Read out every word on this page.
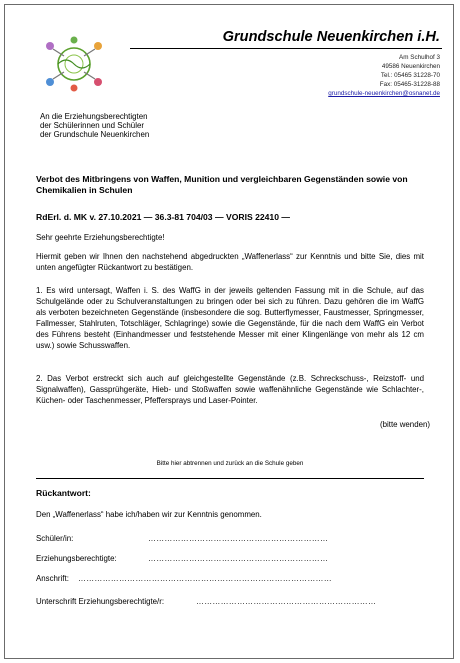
Grundschule Neuenkirchen i.H.
Am Schulhof 3
49586 Neuenkirchen
Tel.: 05465 31228-70
Fax: 05465-31228-88
grundschule-neuenkirchen@osnanet.de
An die Erziehungsberechtigten
der Schülerinnen und Schüler
der Grundschule Neuenkirchen
Verbot des Mitbringens von Waffen, Munition und vergleichbaren Gegenständen sowie von Chemikalien in Schulen
RdErl. d. MK v. 27.10.2021 — 36.3-81 704/03 — VORIS 22410 —
Sehr geehrte Erziehungsberechtigte!
Hiermit geben wir Ihnen den nachstehend abgedruckten „Waffenerlass“ zur Kenntnis und bitte Sie, dies mit unten angefügter Rückantwort zu bestätigen.
1. Es wird untersagt, Waffen i. S. des WaffG in der jeweils geltenden Fassung mit in die Schule, auf das Schulgelände oder zu Schulveranstaltungen zu bringen oder bei sich zu führen. Dazu gehören die im WaffG als verboten bezeichneten Gegenstände (insbesondere die sog. Butterflymesser, Faustmesser, Springmesser, Fallmesser, Stahlruten, Totschläger, Schlagringe) sowie die Gegenstände, für die nach dem WaffG ein Verbot des Führens besteht (Einhandmesser und feststehende Messer mit einer Klingenlänge von mehr als 12 cm usw.) sowie Schusswaffen.
2. Das Verbot erstreckt sich auch auf gleichgestellte Gegenstände (z.B. Schreckschuss-, Reizstoff- und Signalwaffen), Gassprühgeräte, Hieb- und Stoßwaffen sowie waffenähnliche Gegenstände wie Schlachter-, Küchen- oder Taschenmesser, Pfeffersprays und Laser-Pointer.
(bitte wenden)
Bitte hier abtrennen und zurück an die Schule geben
Rückantwort:
Den „Waffenerlass“ habe ich/haben wir zur Kenntnis genommen.
Schüler/in:	…………………………………………………………
Erziehungsberechtigte:	…………………………………………………………
Anschrift: …………………………………………………………………………………
Unterschrift Erziehungsberechtigte/r:	…………………………………………………………
